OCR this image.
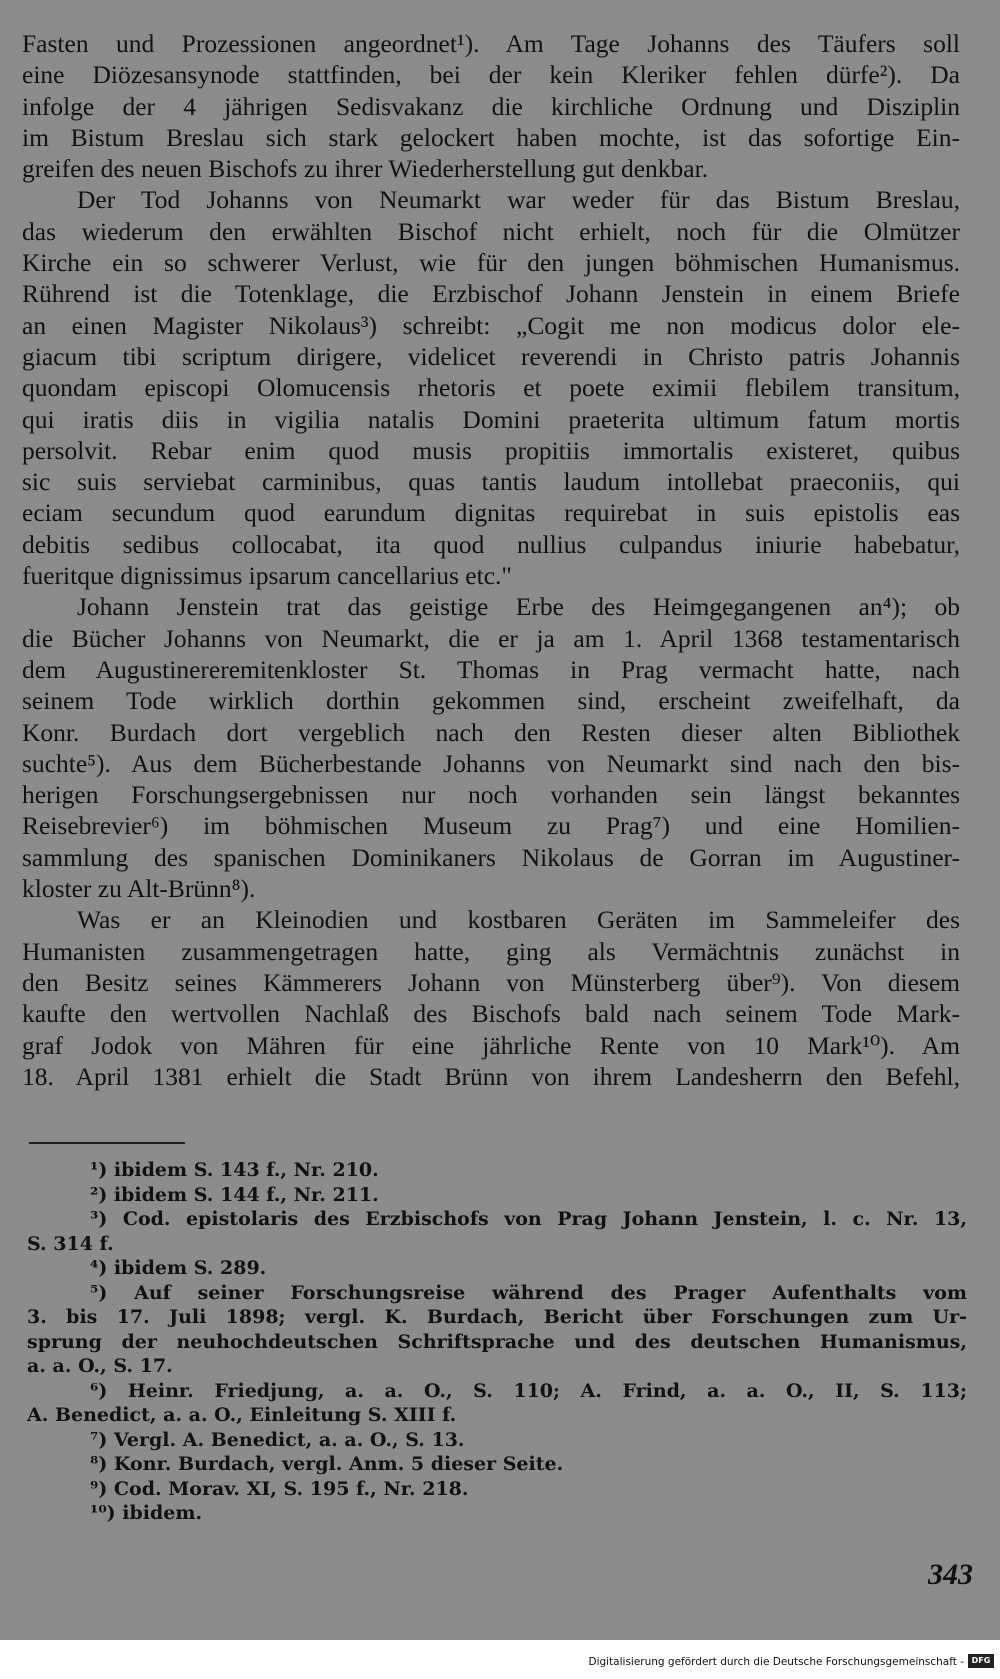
Fasten und Prozessionen angeordnet¹). Am Tage Johanns des Täufers soll
eine Diözesansynode stattfinden, bei der kein Kleriker fehlen dürfe²). Da
infolge der 4 jährigen Sedisvakanz die kirchliche Ordnung und Disziplin
im Bistum Breslau sich stark gelockert haben mochte, ist das sofortige Ein-
greifen des neuen Bischofs zu ihrer Wiederherstellung gut denkbar.
Der Tod Johanns von Neumarkt war weder für das Bistum Breslau,
das wiederum den erwählten Bischof nicht erhielt, noch für die Olmützer
Kirche ein so schwerer Verlust, wie für den jungen böhmischen Humanismus.
Rührend ist die Totenklage, die Erzbischof Johann Jenstein in einem Briefe
an einen Magister Nikolaus³) schreibt: „Cogit me non modicus dolor ele-
giacum tibi scriptum dirigere, videlicet reverendi in Christo patris Johannis
quondam episcopi Olomucensis rhetoris et poete eximii flebilem transitum,
qui iratis diis in vigilia natalis Domini praeterita ultimum fatum mortis
persolvit. Rebar enim quod musis propitiis immortalis existeret, quibus
sic suis serviebat carminibus, quas tantis laudum intollebat praeconiis, qui
eciam secundum quod earundum dignitas requirebat in suis epistolis eas
debitis sedibus collocabat, ita quod nullius culpandus iniurie habebatur,
fueritque dignissimus ipsarum cancellarius etc."
Johann Jenstein trat das geistige Erbe des Heimgegangenen an⁴); ob
die Bücher Johanns von Neumarkt, die er ja am 1. April 1368 testamentarisch
dem Augustinereremitenkloster St. Thomas in Prag vermacht hatte, nach
seinem Tode wirklich dorthin gekommen sind, erscheint zweifelhaft, da
Konr. Burdach dort vergeblich nach den Resten dieser alten Bibliothek
suchte⁵). Aus dem Bücherbestande Johanns von Neumarkt sind nach den bis-
herigen Forschungsergebnissen nur noch vorhanden sein längst bekanntes
Reisebrevier⁶) im böhmischen Museum zu Prag⁷) und eine Homilien-
sammlung des spanischen Dominikaners Nikolaus de Gorran im Augustiner-
kloster zu Alt-Brünn⁸).
Was er an Kleinodien und kostbaren Geräten im Sammeleifer des
Humanisten zusammengetragen hatte, ging als Vermächtnis zunächst in
den Besitz seines Kämmerers Johann von Münsterberg über⁹). Von diesem
kaufte den wertvollen Nachlaß des Bischofs bald nach seinem Tode Mark-
graf Jodok von Mähren für eine jährliche Rente von 10 Mark¹⁰). Am
18. April 1381 erhielt die Stadt Brünn von ihrem Landesherrn den Befehl,
¹) ibidem S. 143 f., Nr. 210.
²) ibidem S. 144 f., Nr. 211.
³) Cod. epistolaris des Erzbischofs von Prag Johann Jenstein, l. c. Nr. 13,
S. 314 f.
⁴) ibidem S. 289.
⁵) Auf seiner Forschungsreise während des Prager Aufenthalts vom
3. bis 17. Juli 1898; vergl. K. Burdach, Bericht über Forschungen zum Ur-
sprung der neuhochdeutschen Schriftsprache und des deutschen Humanismus,
a. a. O., S. 17.
⁶) Heinr. Friedjung, a. a. O., S. 110; A. Frind, a. a. O., II, S. 113;
A. Benedict, a. a. O., Einleitung S. XIII f.
⁷) Vergl. A. Benedict, a. a. O., S. 13.
⁸) Konr. Burdach, vergl. Anm. 5 dieser Seite.
⁹) Cod. Morav. XI, S. 195 f., Nr. 218.
¹⁰) ibidem.
343
Digitalisierung gefördert durch die Deutsche Forschungsgemeinschaft - DFG
